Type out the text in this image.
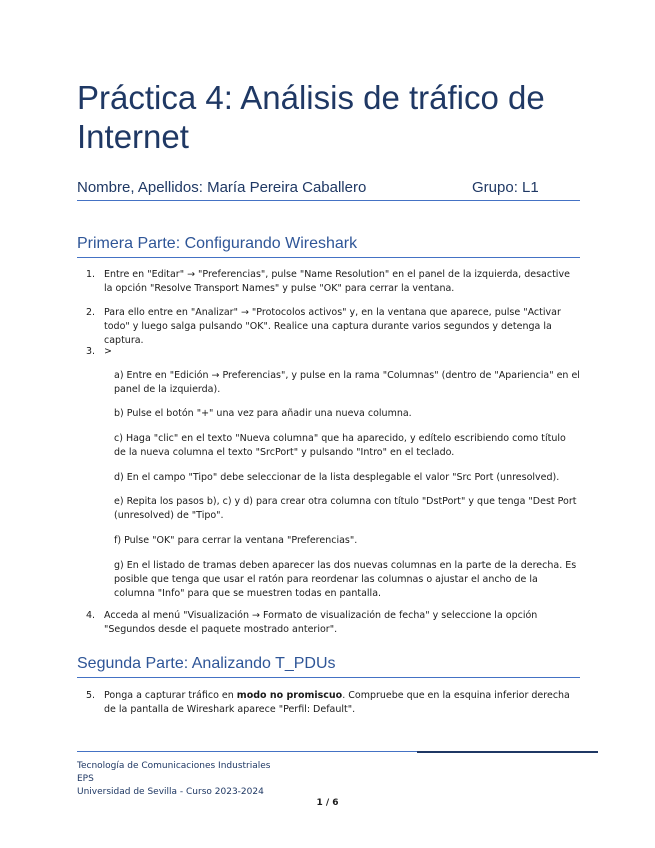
Práctica 4: Análisis de tráfico de Internet
Nombre, Apellidos: María Pereira Caballero	Grupo: L1
Primera Parte: Configurando Wireshark
1. Entre en "Editar" → "Preferencias", pulse "Name Resolution" en el panel de la izquierda, desactive la opción "Resolve Transport Names" y pulse "OK" para cerrar la ventana.
2. Para ello entre en "Analizar" → "Protocolos activos" y, en la ventana que aparece, pulse "Activar todo" y luego salga pulsando "OK". Realice una captura durante varios segundos y detenga la captura.
3. >
a) Entre en "Edición → Preferencias", y pulse en la rama "Columnas" (dentro de "Apariencia" en el panel de la izquierda).
b) Pulse el botón "+" una vez para añadir una nueva columna.
c) Haga "clic" en el texto "Nueva columna" que ha aparecido, y edítelo escribiendo como título de la nueva columna el texto "SrcPort" y pulsando "Intro" en el teclado.
d) En el campo "Tipo" debe seleccionar de la lista desplegable el valor "Src Port (unresolved).
e) Repita los pasos b), c) y d) para crear otra columna con título "DstPort" y que tenga "Dest Port (unresolved) de "Tipo".
f) Pulse "OK" para cerrar la ventana "Preferencias".
g) En el listado de tramas deben aparecer las dos nuevas columnas en la parte de la derecha. Es posible que tenga que usar el ratón para reordenar las columnas o ajustar el ancho de la columna "Info" para que se muestren todas en pantalla.
4. Acceda al menú "Visualización → Formato de visualización de fecha" y seleccione la opción "Segundos desde el paquete mostrado anterior".
Segunda Parte: Analizando T_PDUs
5. Ponga a capturar tráfico en modo no promiscuo. Compruebe que en la esquina inferior derecha de la pantalla de Wireshark aparece "Perfil: Default".
Tecnología de Comunicaciones Industriales
EPS
Universidad de Sevilla - Curso 2023-2024
1 / 6
